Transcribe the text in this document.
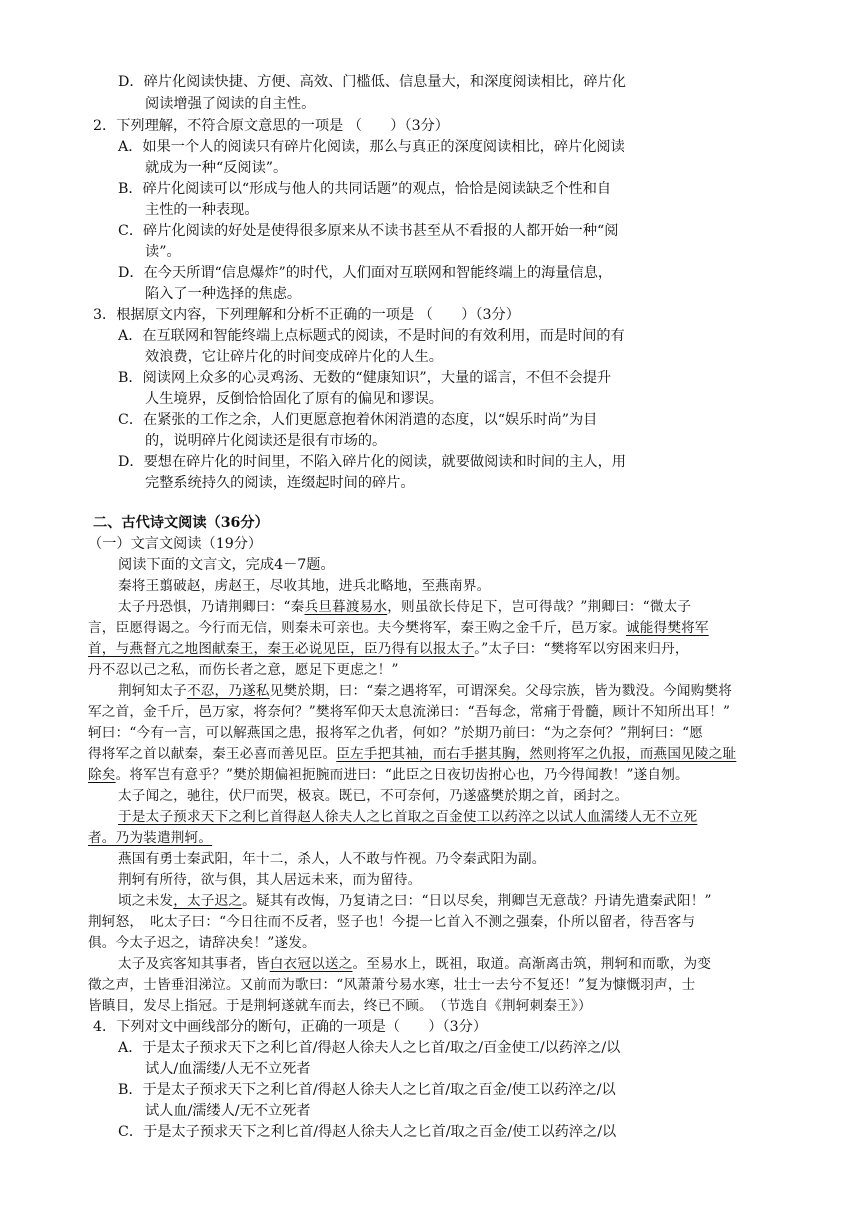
D．碎片化阅读快捷、方便、高效、门槛低、信息量大，和深度阅读相比，碎片化
阅读增强了阅读的自主性。
2．下列理解，不符合原文意思的一项是 （　　）（3分）
A．如果一个人的阅读只有碎片化阅读，那么与真正的深度阅读相比，碎片化阅读
就成为一种“反阅读”。
B．碎片化阅读可以“形成与他人的共同话题”的观点，恰恰是阅读缺乏个性和自
主性的一种表现。
C．碎片化阅读的好处是使得很多原来从不读书甚至从不看报的人都开始一种“阅
读”。
D．在今天所谓“信息爆炸”的时代，人们面对互联网和智能终端上的海量信息，
陷入了一种选择的焦虑。
3．根据原文内容，下列理解和分析不正确的一项是 （　　）（3分）
A．在互联网和智能终端上点标题式的阅读，不是时间的有效利用，而是时间的有
效浪费，它让碎片化的时间变成碎片化的人生。
B．阅读网上众多的心灵鸡汤、无数的“健康知识”，大量的谣言，不但不会提升
人生境界，反倒恰恰固化了原有的偏见和谬误。
C．在紧张的工作之余，人们更愿意抱着休闲消遣的态度，以“娱乐时尚”为目
的，说明碎片化阅读还是很有市场的。
D．要想在碎片化的时间里，不陷入碎片化的阅读，就要做阅读和时间的主人，用
完整系统持久的阅读，连缀起时间的碎片。
二、古代诗文阅读（36分）
（一）文言文阅读（19分）
阅读下面的文言文，完成4－7题。
秦将王翦破赵，虏赵王，尽收其地，进兵北略地，至燕南界。
太子丹恐惧，乃请荆卿曰：“秦兵旦暮渡易水，则虽欲长侍足下，岂可得哉？”荆卿曰：“微太子
言，臣愿得谒之。今行而无信，则秦未可亲也。夫今樊将军，秦王购之金千斤，邑万家。诚能得樊将军
首，与燕督亢之地图献秦王，秦王必说见臣，臣乃得有以报太子。”太子曰：“樊将军以穷困来归丹，
丹不忍以己之私，而伤长者之意，愿足下更虑之！”
荆轲知太子不忍，乃遂私见樊於期，曰：“秦之遇将军，可谓深矣。父母宗族，皆为戮没。今闻购樊将
军之首，金千斤，邑万家，将奈何？”樊将军仰天太息流涕曰：“吾每念，常痛于骨髓，顾计不知所出耳！”
轲曰：“今有一言，可以解燕国之患，报将军之仇者，何如？”於期乃前曰：“为之奈何？”荆轲曰：“愿
得将军之首以献秦，秦王必喜而善见臣。臣左手把其袖，而右手揕其胸，然则将军之仇报，而燕国见陵之耻
除矣。将军岂有意乎？”樊於期偏袒扼腕而进曰：“此臣之日夜切齿拊心也，乃今得闻教！”遂自刎。
太子闻之，驰往，伏尸而哭，极哀。既已，不可奈何，乃遂盛樊於期之首，函封之。
于是太子预求天下之利匕首得赵人徐夫人之匕首取之百金使工以药淬之以试人血濡缕人无不立死
者。乃为装遣荆轲。
燕国有勇士秦武阳，年十二，杀人，人不敢与忤视。乃令秦武阳为副。
荆轲有所待，欲与俱，其人居远未来，而为留待。
顷之未发，太子迟之。疑其有改悔，乃复请之曰：“日以尽矣，荆卿岂无意哉？丹请先遣秦武阳！”
荆轲怒，　叱太子曰：“今日往而不反者，竖子也！今提一匕首入不测之强秦，仆所以留者，待吾客与
俱。今太子迟之，请辞决矣！”遂发。
太子及宾客知其事者，皆白衣冠以送之。至易水上，既祖，取道。高渐离击筑，荆轲和而歌，为变
徵之声，士皆垂泪涕泣。又前而为歌曰：“风萧萧兮易水寒，壮士一去兮不复还！”复为慷慨羽声，士
皆瞋目，发尽上指冠。于是荆轲遂就车而去，终已不顾。　（节选自《荆轲刺秦王》）
4．下列对文中画线部分的断句，正确的一项是（　　）（3分）
A．于是太子预求天下之利匕首/得赵人徐夫人之匕首/取之/百金使工/以药淬之/以
试人/血濡缕/人无不立死者
B．于是太子预求天下之利匕首/得赵人徐夫人之匕首/取之百金/使工以药淬之/以
试人血/濡缕人/无不立死者
C．于是太子预求天下之利匕首/得赵人徐夫人之匕首/取之百金/使工以药淬之/以
